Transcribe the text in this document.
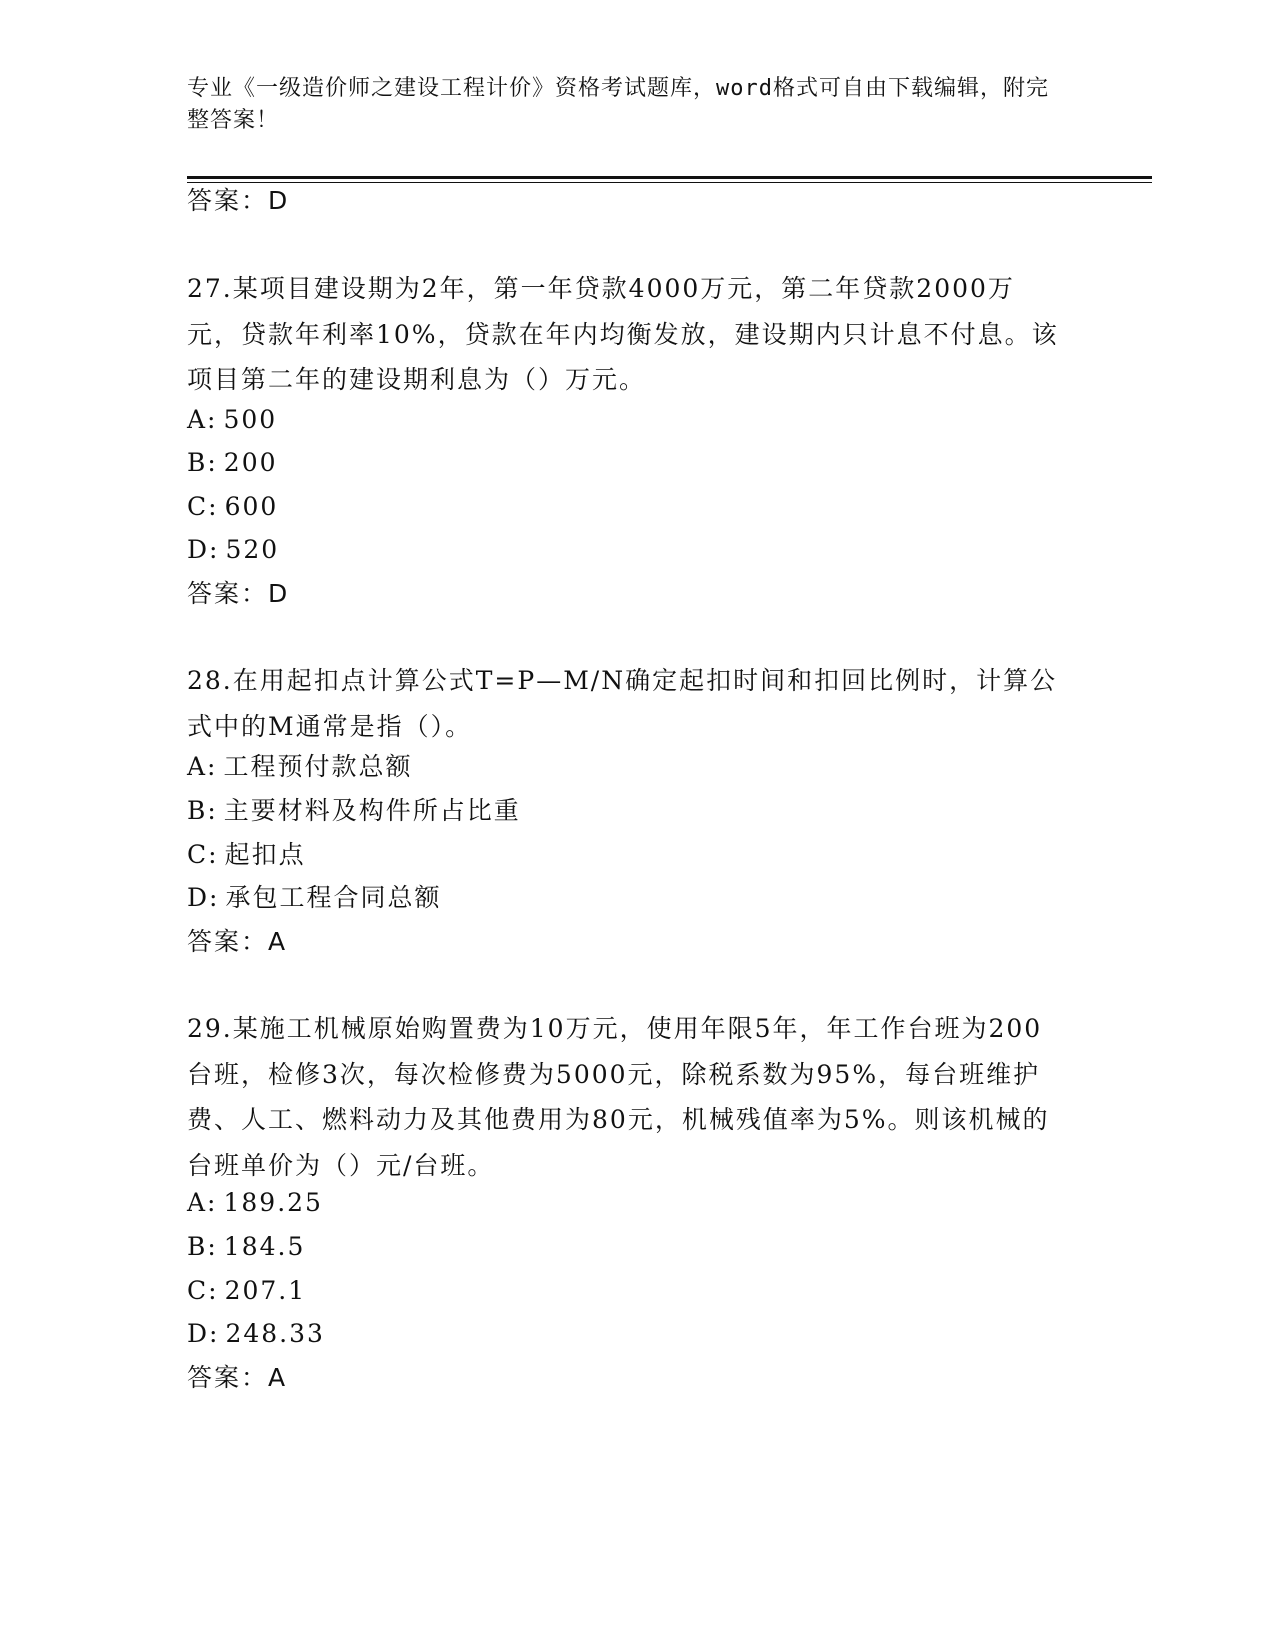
专业《一级造价师之建设工程计价》资格考试题库，word格式可自由下载编辑，附完整答案！
答案：D
27.某项目建设期为2年，第一年贷款4000万元，第二年贷款2000万元，贷款年利率10%，贷款在年内均衡发放，建设期内只计息不付息。该项目第二年的建设期利息为（）万元。
A: 500
B: 200
C: 600
D: 520
答案：D
28.在用起扣点计算公式T=P—M/N确定起扣时间和扣回比例时，计算公式中的M通常是指（）。
A: 工程预付款总额
B: 主要材料及构件所占比重
C: 起扣点
D: 承包工程合同总额
答案：A
29.某施工机械原始购置费为10万元，使用年限5年，年工作台班为200台班，检修3次，每次检修费为5000元，除税系数为95%，每台班维护费、人工、燃料动力及其他费用为80元，机械残值率为5%。则该机械的台班单价为（）元/台班。
A: 189.25
B: 184.5
C: 207.1
D: 248.33
答案：A
